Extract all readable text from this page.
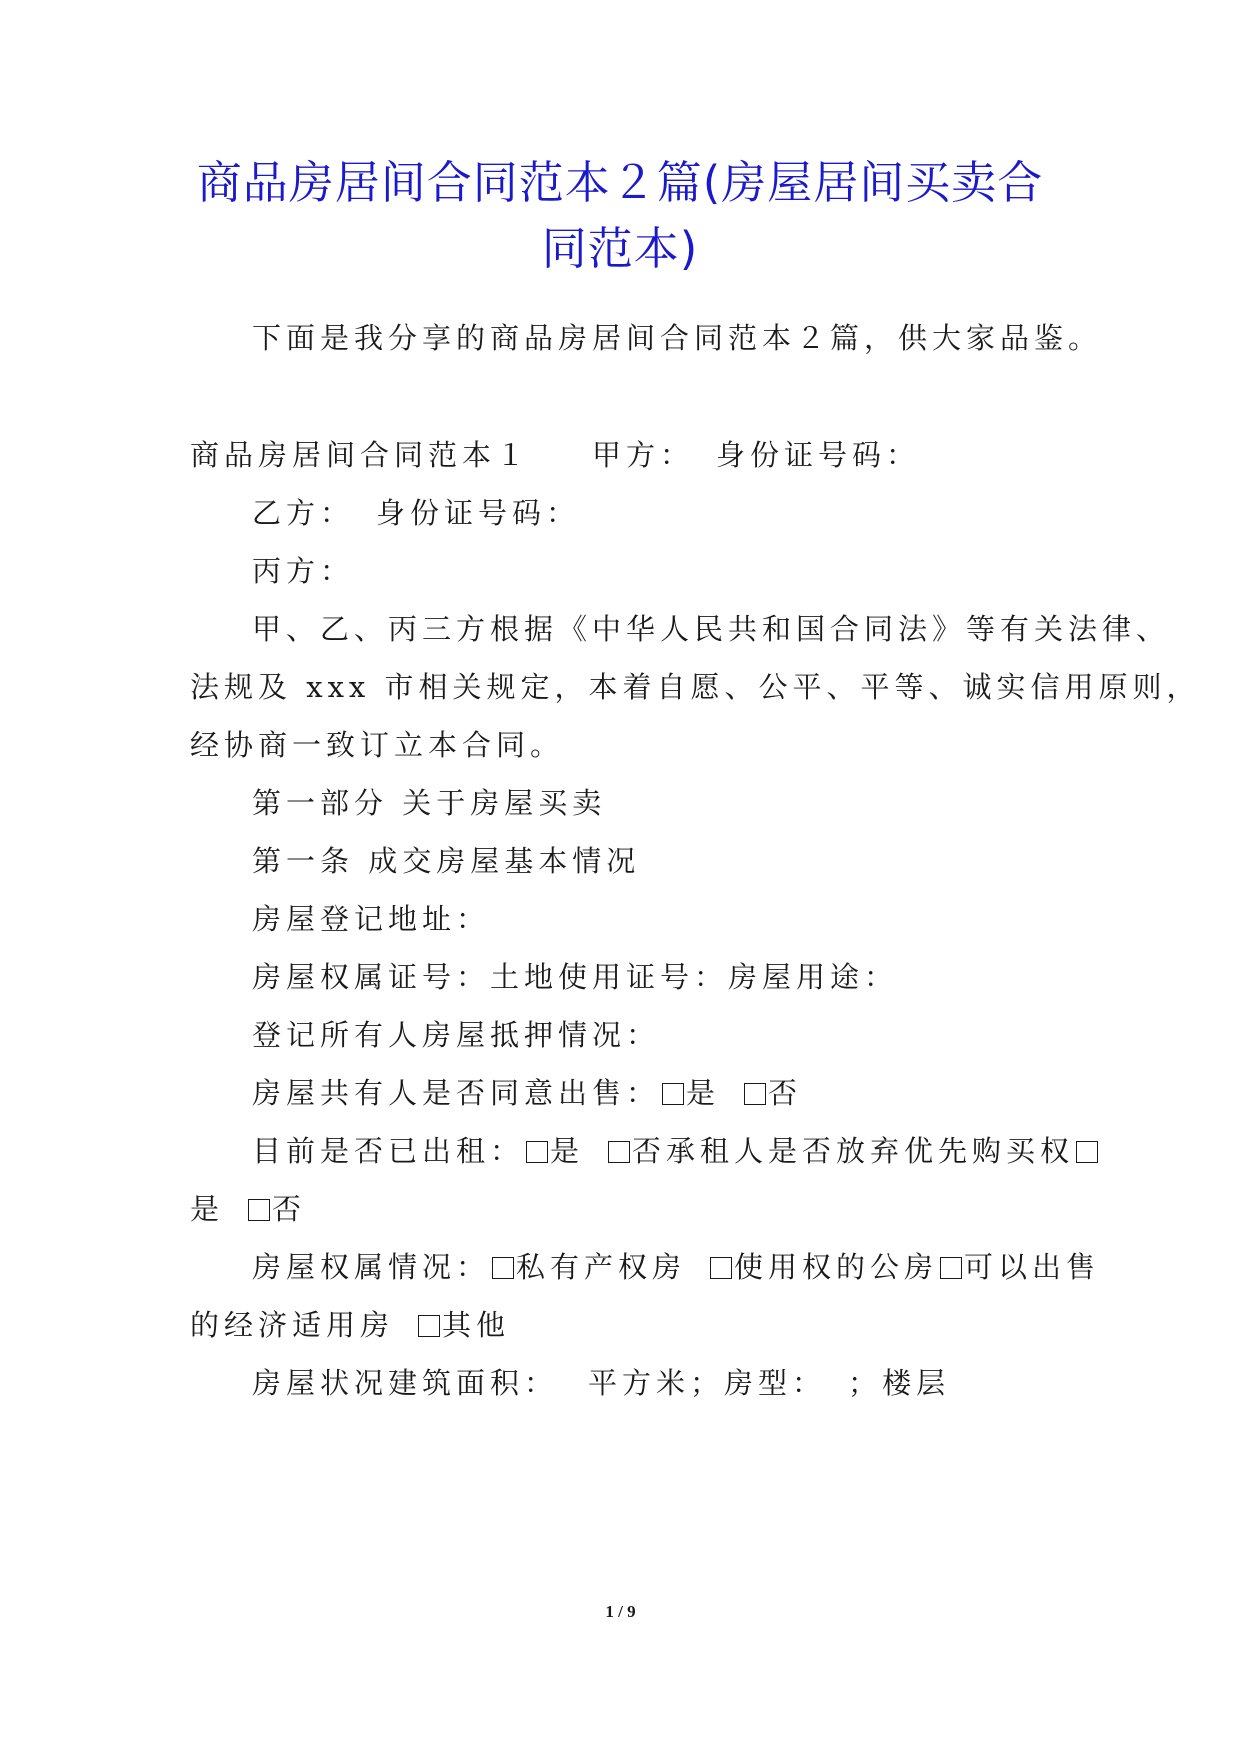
商品房居间合同范本２篇(房屋居间买卖合
同范本)
下面是我分享的商品房居间合同范本２篇，供大家品鉴。
商品房居间合同范本１ 甲方： 身份证号码：
乙方： 身份证号码：
丙方：
甲、乙、丙三方根据《中华人民共和国合同法》等有关法律、
法规及 xxx 市相关规定，本着自愿、公平、平等、诚实信用原则，
经协商一致订立本合同。
第一部分 关于房屋买卖
第一条 成交房屋基本情况
房屋登记地址：
房屋权属证号：土地使用证号：房屋用途：
登记所有人房屋抵押情况：
房屋共有人是否同意出售： 是 否
目前是否已出租： 是 否承租人是否放弃优先购买权
是 否
房屋权属情况： 私有产权房 使用权的公房 可以出售
的经济适用房 其他
房屋状况建筑面积： 平方米；房型： ；楼层
1 / 9
